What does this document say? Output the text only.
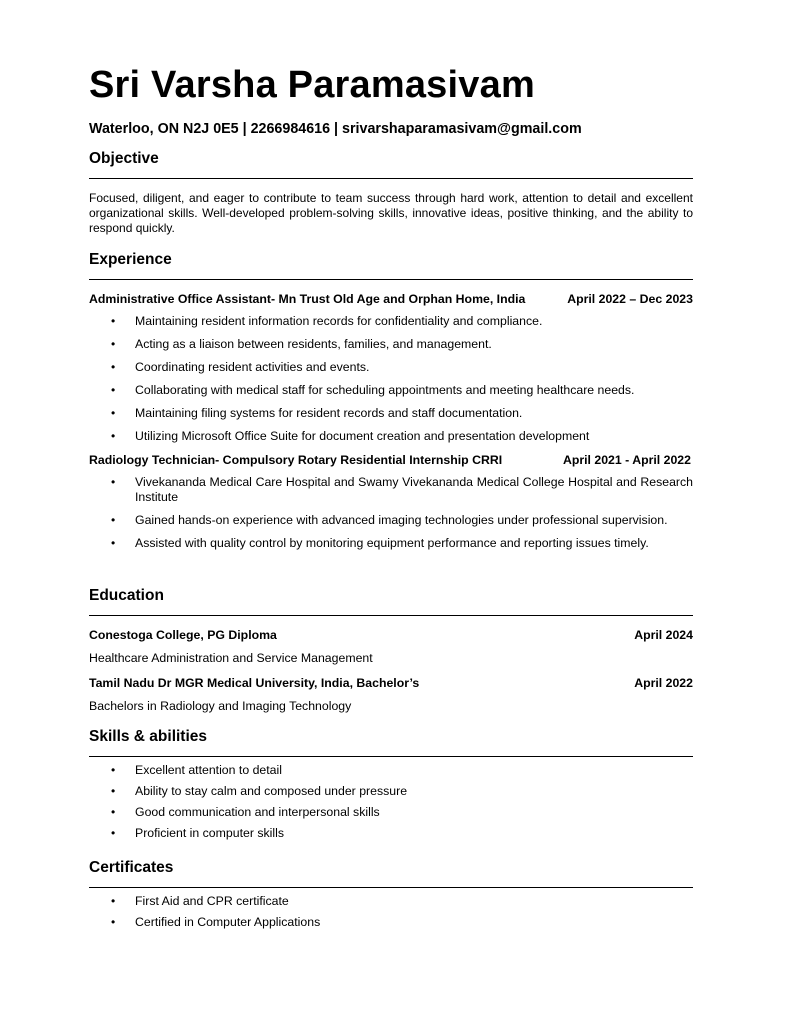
Sri Varsha Paramasivam

Waterloo, ON N2J 0E5 | 2266984616 | srivarshaparamasivam@gmail.com

Objective

Focused, diligent, and eager to contribute to team success through hard work, attention to detail and excellent organizational skills. Well-developed problem-solving skills, innovative ideas, positive thinking, and the ability to respond quickly.

Experience
Administrative Office Assistant- Mn Trust Old Age and Orphan Home, India	April 2022 – Dec 2023
• Maintaining resident information records for confidentiality and compliance.
• Acting as a liaison between residents, families, and management.
• Coordinating resident activities and events.
• Collaborating with medical staff for scheduling appointments and meeting healthcare needs.
• Maintaining filing systems for resident records and staff documentation.
• Utilizing Microsoft Office Suite for document creation and presentation development
Radiology Technician- Compulsory Rotary Residential Internship CRRI	April 2021 - April 2022
• Vivekananda Medical Care Hospital and Swamy Vivekananda Medical College Hospital and Research Institute
• Gained hands-on experience with advanced imaging technologies under professional supervision.
• Assisted with quality control by monitoring equipment performance and reporting issues timely.
Education
Conestoga College, PG Diploma	April 2024
Healthcare Administration and Service Management
Tamil Nadu Dr MGR Medical University, India, Bachelor’s	April 2022
Bachelors in Radiology and Imaging Technology
Skills & abilities
• Excellent attention to detail
• Ability to stay calm and composed under pressure
• Good communication and interpersonal skills
• Proficient in computer skills
Certificates
• First Aid and CPR certificate
• Certified in Computer Applications
